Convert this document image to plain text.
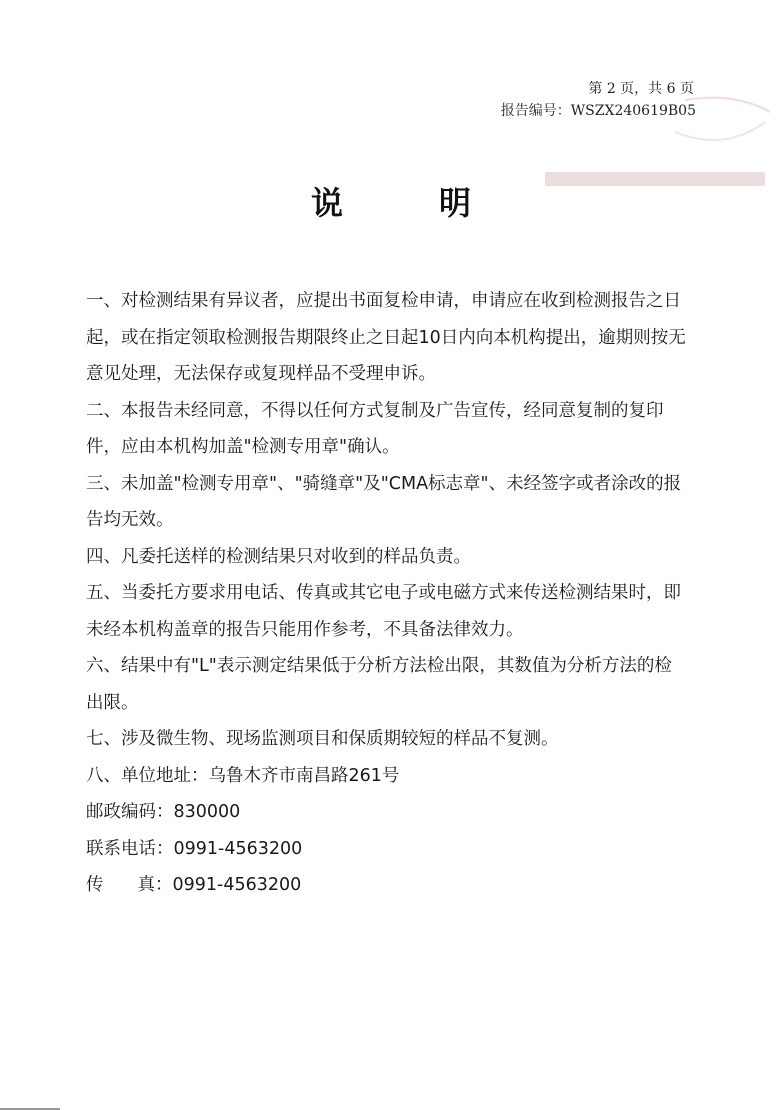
第 2 页，共 6 页
报告编号：WSZX240619B05
说	明

一、对检测结果有异议者，应提出书面复检申请，申请应在收到检测报告之日起，或在指定领取检测报告期限终止之日起10日内向本机构提出，逾期则按无意见处理，无法保存或复现样品不受理申诉。

二、本报告未经同意，不得以任何方式复制及广告宣传，经同意复制的复印件，应由本机构加盖"检测专用章"确认。

三、未加盖"检测专用章"、"骑缝章"及"CMA标志章"、未经签字或者涂改的报告均无效。

四、凡委托送样的检测结果只对收到的样品负责。

五、当委托方要求用电话、传真或其它电子或电磁方式来传送检测结果时，即未经本机构盖章的报告只能用作参考，不具备法律效力。

六、结果中有"L"表示测定结果低于分析方法检出限，其数值为分析方法的检出限。

七、涉及微生物、现场监测项目和保质期较短的样品不复测。

八、单位地址：乌鲁木齐市南昌路261号

邮政编码：830000

联系电话：0991-4563200

传 真：0991-4563200
